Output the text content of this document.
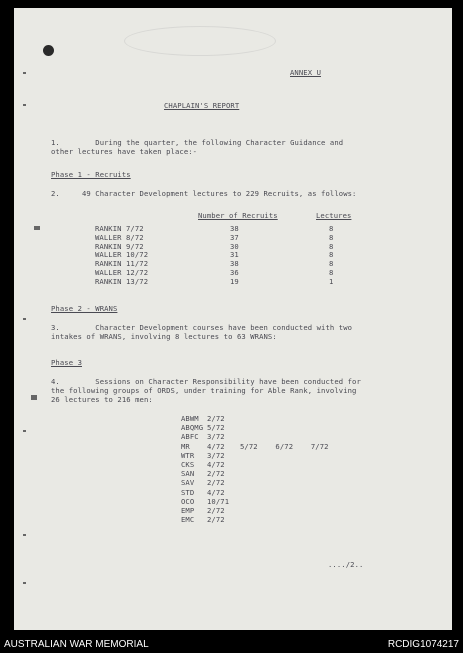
ANNEX U
CHAPLAIN'S REPORT
1.        During the quarter, the following Character Guidance and
other lectures have taken place:-
Phase 1 - Recruits
2.     49 Character Development lectures to 229 Recruits, as follows:
Number of Recruits	Lectures
Phase 2 - WRANS
3.        Character Development courses have been conducted with two
intakes of WRANS, involving 8 lectures to 63 WRANS:
Phase 3
4.        Sessions on Character Responsibility have been conducted for
the following groups of ORDS, under training for Able Rank, involving
26 lectures to 216 men:
..../2..
RANKIN 7/72	38	8
WALLER 8/72	37	8
RANKIN 9/72	30	8
WALLER 10/72	31	8
RANKIN 11/72	38	8
WALLER 12/72	36	8
RANKIN 13/72	19	1
ABWM 2/72
ABQMG 5/72
ABFC 3/72
MR 4/72 5/72    6/72    7/72
WTR 3/72
CKS 4/72
SAN 2/72
SAV 2/72
STD 4/72
OCO 10/71
EMP 2/72
EMC 2/72
AUSTRALIAN WAR MEMORIAL	RCDIG1074217
